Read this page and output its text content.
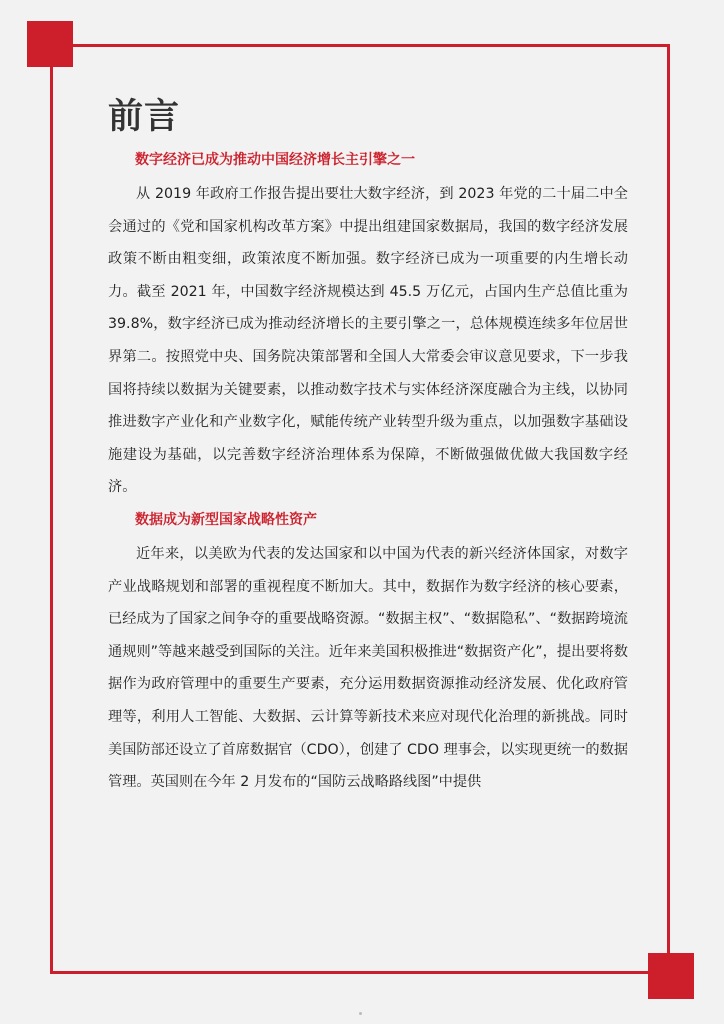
前言
数字经济已成为推动中国经济增长主引擎之一

从 2019 年政府工作报告提出要壮大数字经济，到 2023 年党的二十届二中全会通过的《党和国家机构改革方案》中提出组建国家数据局，我国的数字经济发展政策不断由粗变细，政策浓度不断加强。数字经济已成为一项重要的内生增长动力。截至 2021 年，中国数字经济规模达到 45.5 万亿元，占国内生产总值比重为 39.8%，数字经济已成为推动经济增长的主要引擎之一，总体规模连续多年位居世界第二。按照党中央、国务院决策部署和全国人大常委会审议意见要求，下一步我国将持续以数据为关键要素，以推动数字技术与实体经济深度融合为主线，以协同推进数字产业化和产业数字化，赋能传统产业转型升级为重点，以加强数字基础设施建设为基础，以完善数字经济治理体系为保障，不断做强做优做大我国数字经济。

数据成为新型国家战略性资产

近年来，以美欧为代表的发达国家和以中国为代表的新兴经济体国家，对数字产业战略规划和部署的重视程度不断加大。其中，数据作为数字经济的核心要素，已经成为了国家之间争夺的重要战略资源。“数据主权”、“数据隐私”、“数据跨境流通规则”等越来越受到国际的关注。近年来美国积极推进“数据资产化”，提出要将数据作为政府管理中的重要生产要素，充分运用数据资源推动经济发展、优化政府管理等，利用人工智能、大数据、云计算等新技术来应对现代化治理的新挑战。同时美国防部还设立了首席数据官（CDO），创建了 CDO 理事会，以实现更统一的数据管理。英国则在今年 2 月发布的“国防云战略路线图”中提供
